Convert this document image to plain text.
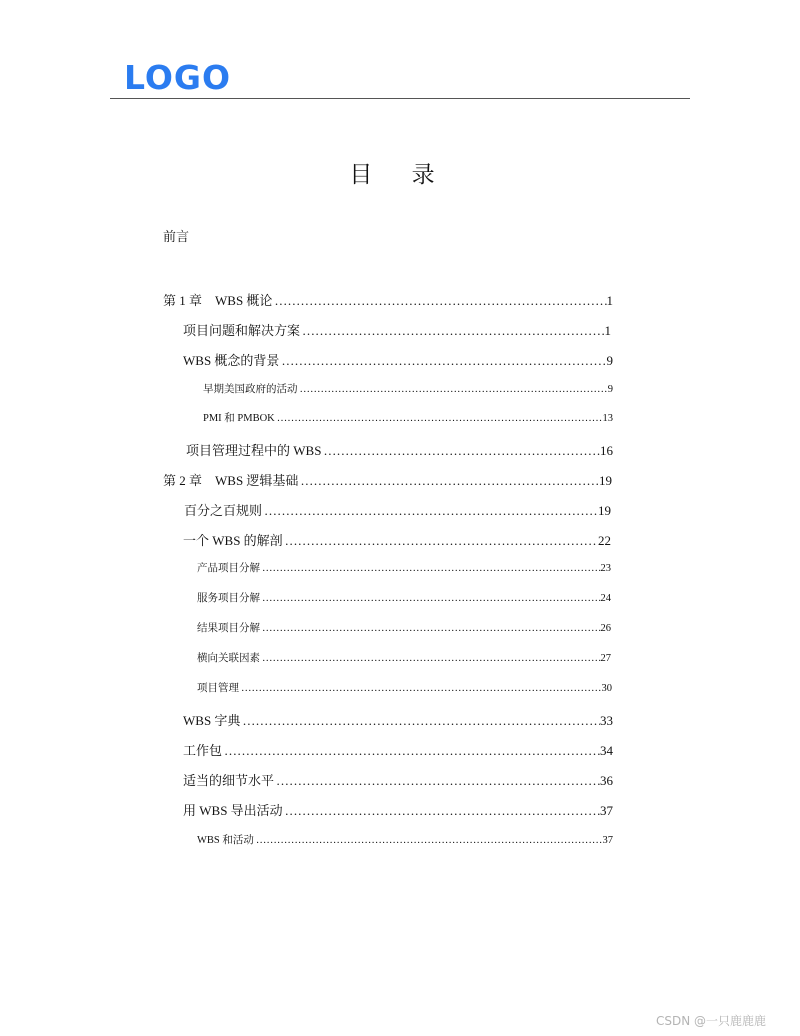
LOGO
目 录
前言
第 1 章　WBS 概论 ……………………………………………………………………………………………………………………………………	1
项目问题和解决方案 ……………………………………………………………………………………………………………………………………	1
WBS 概念的背景 ……………………………………………………………………………………………………………………………………	9
早期美国政府的活动 ……………………………………………………………………………………………………………………………………	9
PMI 和 PMBOK ……………………………………………………………………………………………………………………………………	13
项目管理过程中的 WBS ……………………………………………………………………………………………………………………………………	16
第 2 章　WBS 逻辑基础 ……………………………………………………………………………………………………………………………………	19
百分之百规则 ……………………………………………………………………………………………………………………………………	19
一个 WBS 的解剖 ……………………………………………………………………………………………………………………………………	22
产品项目分解 ……………………………………………………………………………………………………………………………………	23
服务项目分解 ……………………………………………………………………………………………………………………………………	24
结果项目分解 ……………………………………………………………………………………………………………………………………	26
横向关联因素 ……………………………………………………………………………………………………………………………………	27
项目管理 ……………………………………………………………………………………………………………………………………	30
WBS 字典 ……………………………………………………………………………………………………………………………………	33
工作包 ……………………………………………………………………………………………………………………………………	34
适当的细节水平 ……………………………………………………………………………………………………………………………………	36
用 WBS 导出活动 ……………………………………………………………………………………………………………………………………	37
WBS 和活动 ……………………………………………………………………………………………………………………………………	37
CSDN @一只鹿鹿鹿
